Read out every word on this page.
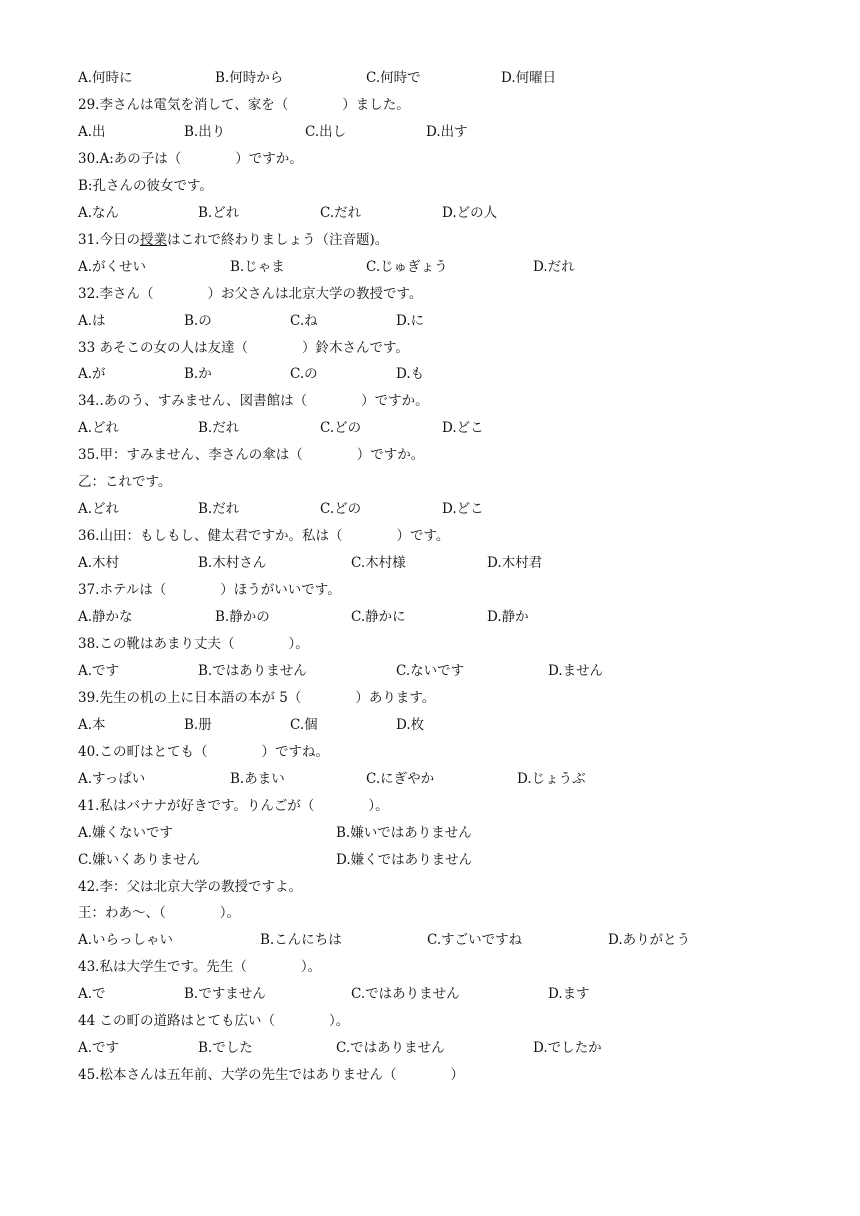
A.何時に	B.何時から	C.何時で	D.何曜日
29.李さんは電気を消して、家を（　　　　）ました。
A.出	B.出り	C.出し	D.出す
30.A:あの子は（　　　　）ですか。
B:孔さんの彼女です。
A.なん	B.どれ	C.だれ	D.どの人
31.今日の授業はこれで終わりましょう（注音题)。
A.がくせい	B.じゃま	C.じゅぎょう	D.だれ
32.李さん（　　　　）お父さんは北京大学の教授です。
A.は	B.の	C.ね	D.に
33 あそこの女の人は友達（　　　　）鈴木さんです。
A.が	B.か	C.の	D.も
34..あのう、すみません、図書館は（　　　　）ですか。
A.どれ	B.だれ	C.どの	D.どこ
35.甲：すみません、李さんの傘は（　　　　）ですか。
乙：これです。
A.どれ	B.だれ	C.どの	D.どこ
36.山田：もしもし、健太君ですか。私は（　　　　）です。
A.木村	B.木村さん	C.木村様	D.木村君
37.ホテルは（　　　　）ほうがいいです。
A.静かな	B.静かの	C.静かに	D.静か
38.この靴はあまり丈夫（　　　　）。
A.です	B.ではありません	C.ないです	D.ません
39.先生の机の上に日本語の本が 5（　　　　）あります。
A.本	B.册	C.個	D.枚
40.この町はとても（　　　　）ですね。
A.すっぱい	B.あまい	C.にぎやか	D.じょうぶ
41.私はバナナが好きです。りんごが（　　　　）。
A.嫌くないです	B.嫌いではありません
C.嫌いくありません	D.嫌くではありません
42.李：父は北京大学の教授ですよ。
王：わあ～、（　　　　）。
A.いらっしゃい	B.こんにちは	C.すごいですね	D.ありがとう
43.私は大学生です。先生（　　　　）。
A.で	B.ですません	C.ではありません	D.ます
44 この町の道路はとても広い（　　　　）。
A.です	B.でした	C.ではありません	D.でしたか
45.松本さんは五年前、大学の先生ではありません（　　　　）
